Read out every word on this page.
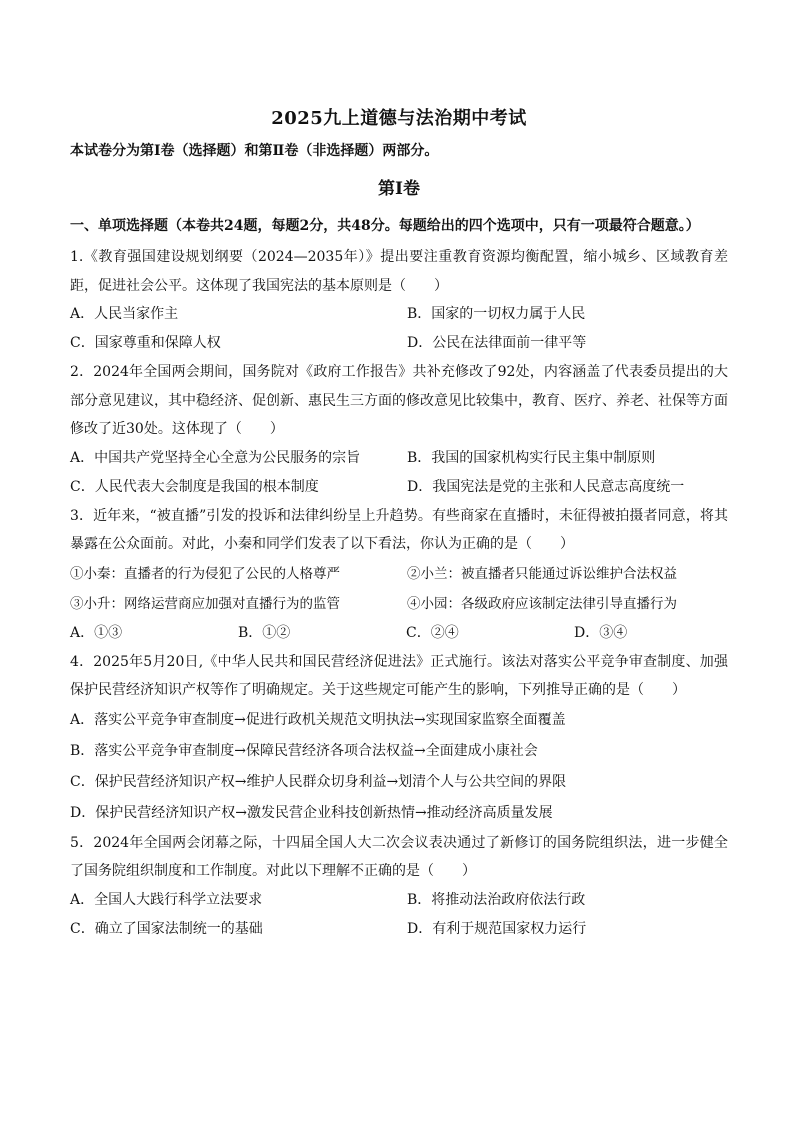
2025九上道德与法治期中考试
本试卷分为第Ⅰ卷（选择题）和第Ⅱ卷（非选择题）两部分。
第Ⅰ卷
一、单项选择题（本卷共24题，每题2分，共48分。每题给出的四个选项中，只有一项最符合题意。）

1.《教育强国建设规划纲要（2024—2035年）》提出要注重教育资源均衡配置，缩小城乡、区域教育差距，促进社会公平。这体现了我国宪法的基本原则是（　　）

A．人民当家作主	B．国家的一切权力属于人民
C．国家尊重和保障人权	D．公民在法律面前一律平等

2．2024年全国两会期间，国务院对《政府工作报告》共补充修改了92处，内容涵盖了代表委员提出的大部分意见建议，其中稳经济、促创新、惠民生三方面的修改意见比较集中，教育、医疗、养老、社保等方面修改了近30处。这体现了（　　）

A．中国共产党坚持全心全意为公民服务的宗旨	B．我国的国家机构实行民主集中制原则
C．人民代表大会制度是我国的根本制度	D．我国宪法是党的主张和人民意志高度统一

3．近年来，“被直播”引发的投诉和法律纠纷呈上升趋势。有些商家在直播时，未征得被拍摄者同意，将其暴露在公众面前。对此，小秦和同学们发表了以下看法，你认为正确的是（　　）

①小秦：直播者的行为侵犯了公民的人格尊严	②小兰：被直播者只能通过诉讼维护合法权益
③小升：网络运营商应加强对直播行为的监管	④小园：各级政府应该制定法律引导直播行为
A．①③	B．①②	C．②④	D．③④

4．2025年5月20日,《中华人民共和国民营经济促进法》正式施行。该法对落实公平竞争审查制度、加强保护民营经济知识产权等作了明确规定。关于这些规定可能产生的影响，下列推导正确的是（　　）

A．落实公平竞争审查制度→促进行政机关规范文明执法→实现国家监察全面覆盖
B．落实公平竞争审查制度→保障民营经济各项合法权益→全面建成小康社会
C．保护民营经济知识产权→维护人民群众切身利益→划清个人与公共空间的界限
D．保护民营经济知识产权→激发民营企业科技创新热情→推动经济高质量发展

5．2024年全国两会闭幕之际，十四届全国人大二次会议表决通过了新修订的国务院组织法，进一步健全了国务院组织制度和工作制度。对此以下理解不正确的是（　　）

A．全国人大践行科学立法要求	B．将推动法治政府依法行政
C．确立了国家法制统一的基础	D．有利于规范国家权力运行
